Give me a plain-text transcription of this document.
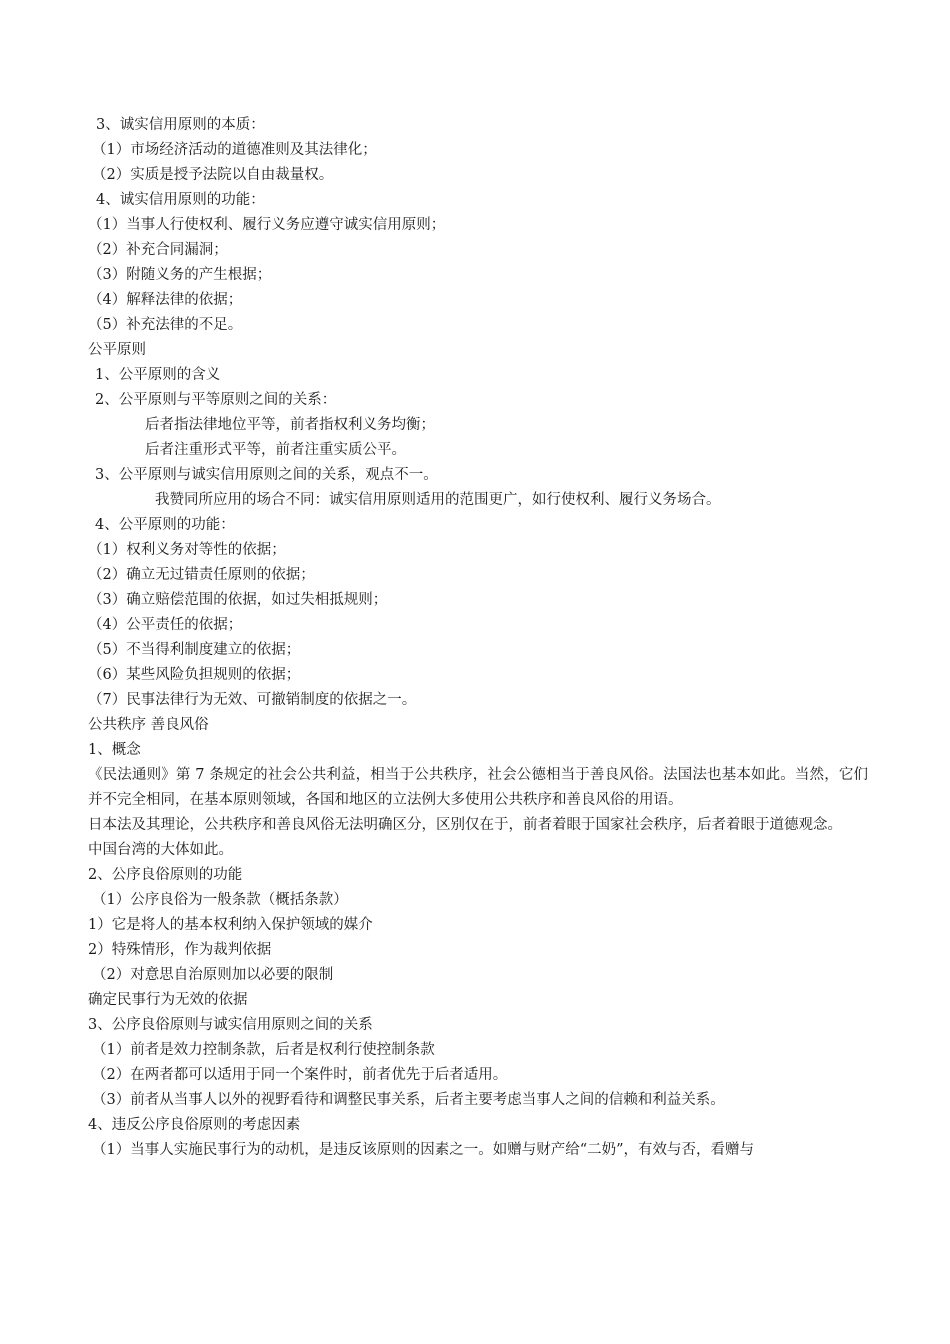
3、诚实信用原则的本质：
（1）市场经济活动的道德准则及其法律化；
（2）实质是授予法院以自由裁量权。
4、诚实信用原则的功能：
（1）当事人行使权利、履行义务应遵守诚实信用原则；
（2）补充合同漏洞；
（3）附随义务的产生根据；
（4）解释法律的依据；
（5）补充法律的不足。
公平原则
1、公平原则的含义
2、公平原则与平等原则之间的关系：
后者指法律地位平等，前者指权利义务均衡；
后者注重形式平等，前者注重实质公平。
3、公平原则与诚实信用原则之间的关系，观点不一。
我赞同所应用的场合不同：诚实信用原则适用的范围更广，如行使权利、履行义务场合。
4、公平原则的功能：
（1）权利义务对等性的依据；
（2）确立无过错责任原则的依据；
（3）确立赔偿范围的依据，如过失相抵规则；
（4）公平责任的依据；
（5）不当得利制度建立的依据；
（6）某些风险负担规则的依据；
（7）民事法律行为无效、可撤销制度的依据之一。
公共秩序 善良风俗
1、概念
《民法通则》第 7 条规定的社会公共利益，相当于公共秩序，社会公德相当于善良风俗。法国法也基本如此。当然，它们并不完全相同，在基本原则领域，各国和地区的立法例大多使用公共秩序和善良风俗的用语。
日本法及其理论，公共秩序和善良风俗无法明确区分，区别仅在于，前者着眼于国家社会秩序，后者着眼于道德观念。
中国台湾的大体如此。
2、公序良俗原则的功能
（1）公序良俗为一般条款（概括条款）
1）它是将人的基本权利纳入保护领域的媒介
2）特殊情形，作为裁判依据
（2）对意思自治原则加以必要的限制
确定民事行为无效的依据
3、公序良俗原则与诚实信用原则之间的关系
（1）前者是效力控制条款，后者是权利行使控制条款
（2）在两者都可以适用于同一个案件时，前者优先于后者适用。
（3）前者从当事人以外的视野看待和调整民事关系，后者主要考虑当事人之间的信赖和利益关系。
4、违反公序良俗原则的考虑因素
（1）当事人实施民事行为的动机，是违反该原则的因素之一。如赠与财产给“二奶”，有效与否，看赠与
